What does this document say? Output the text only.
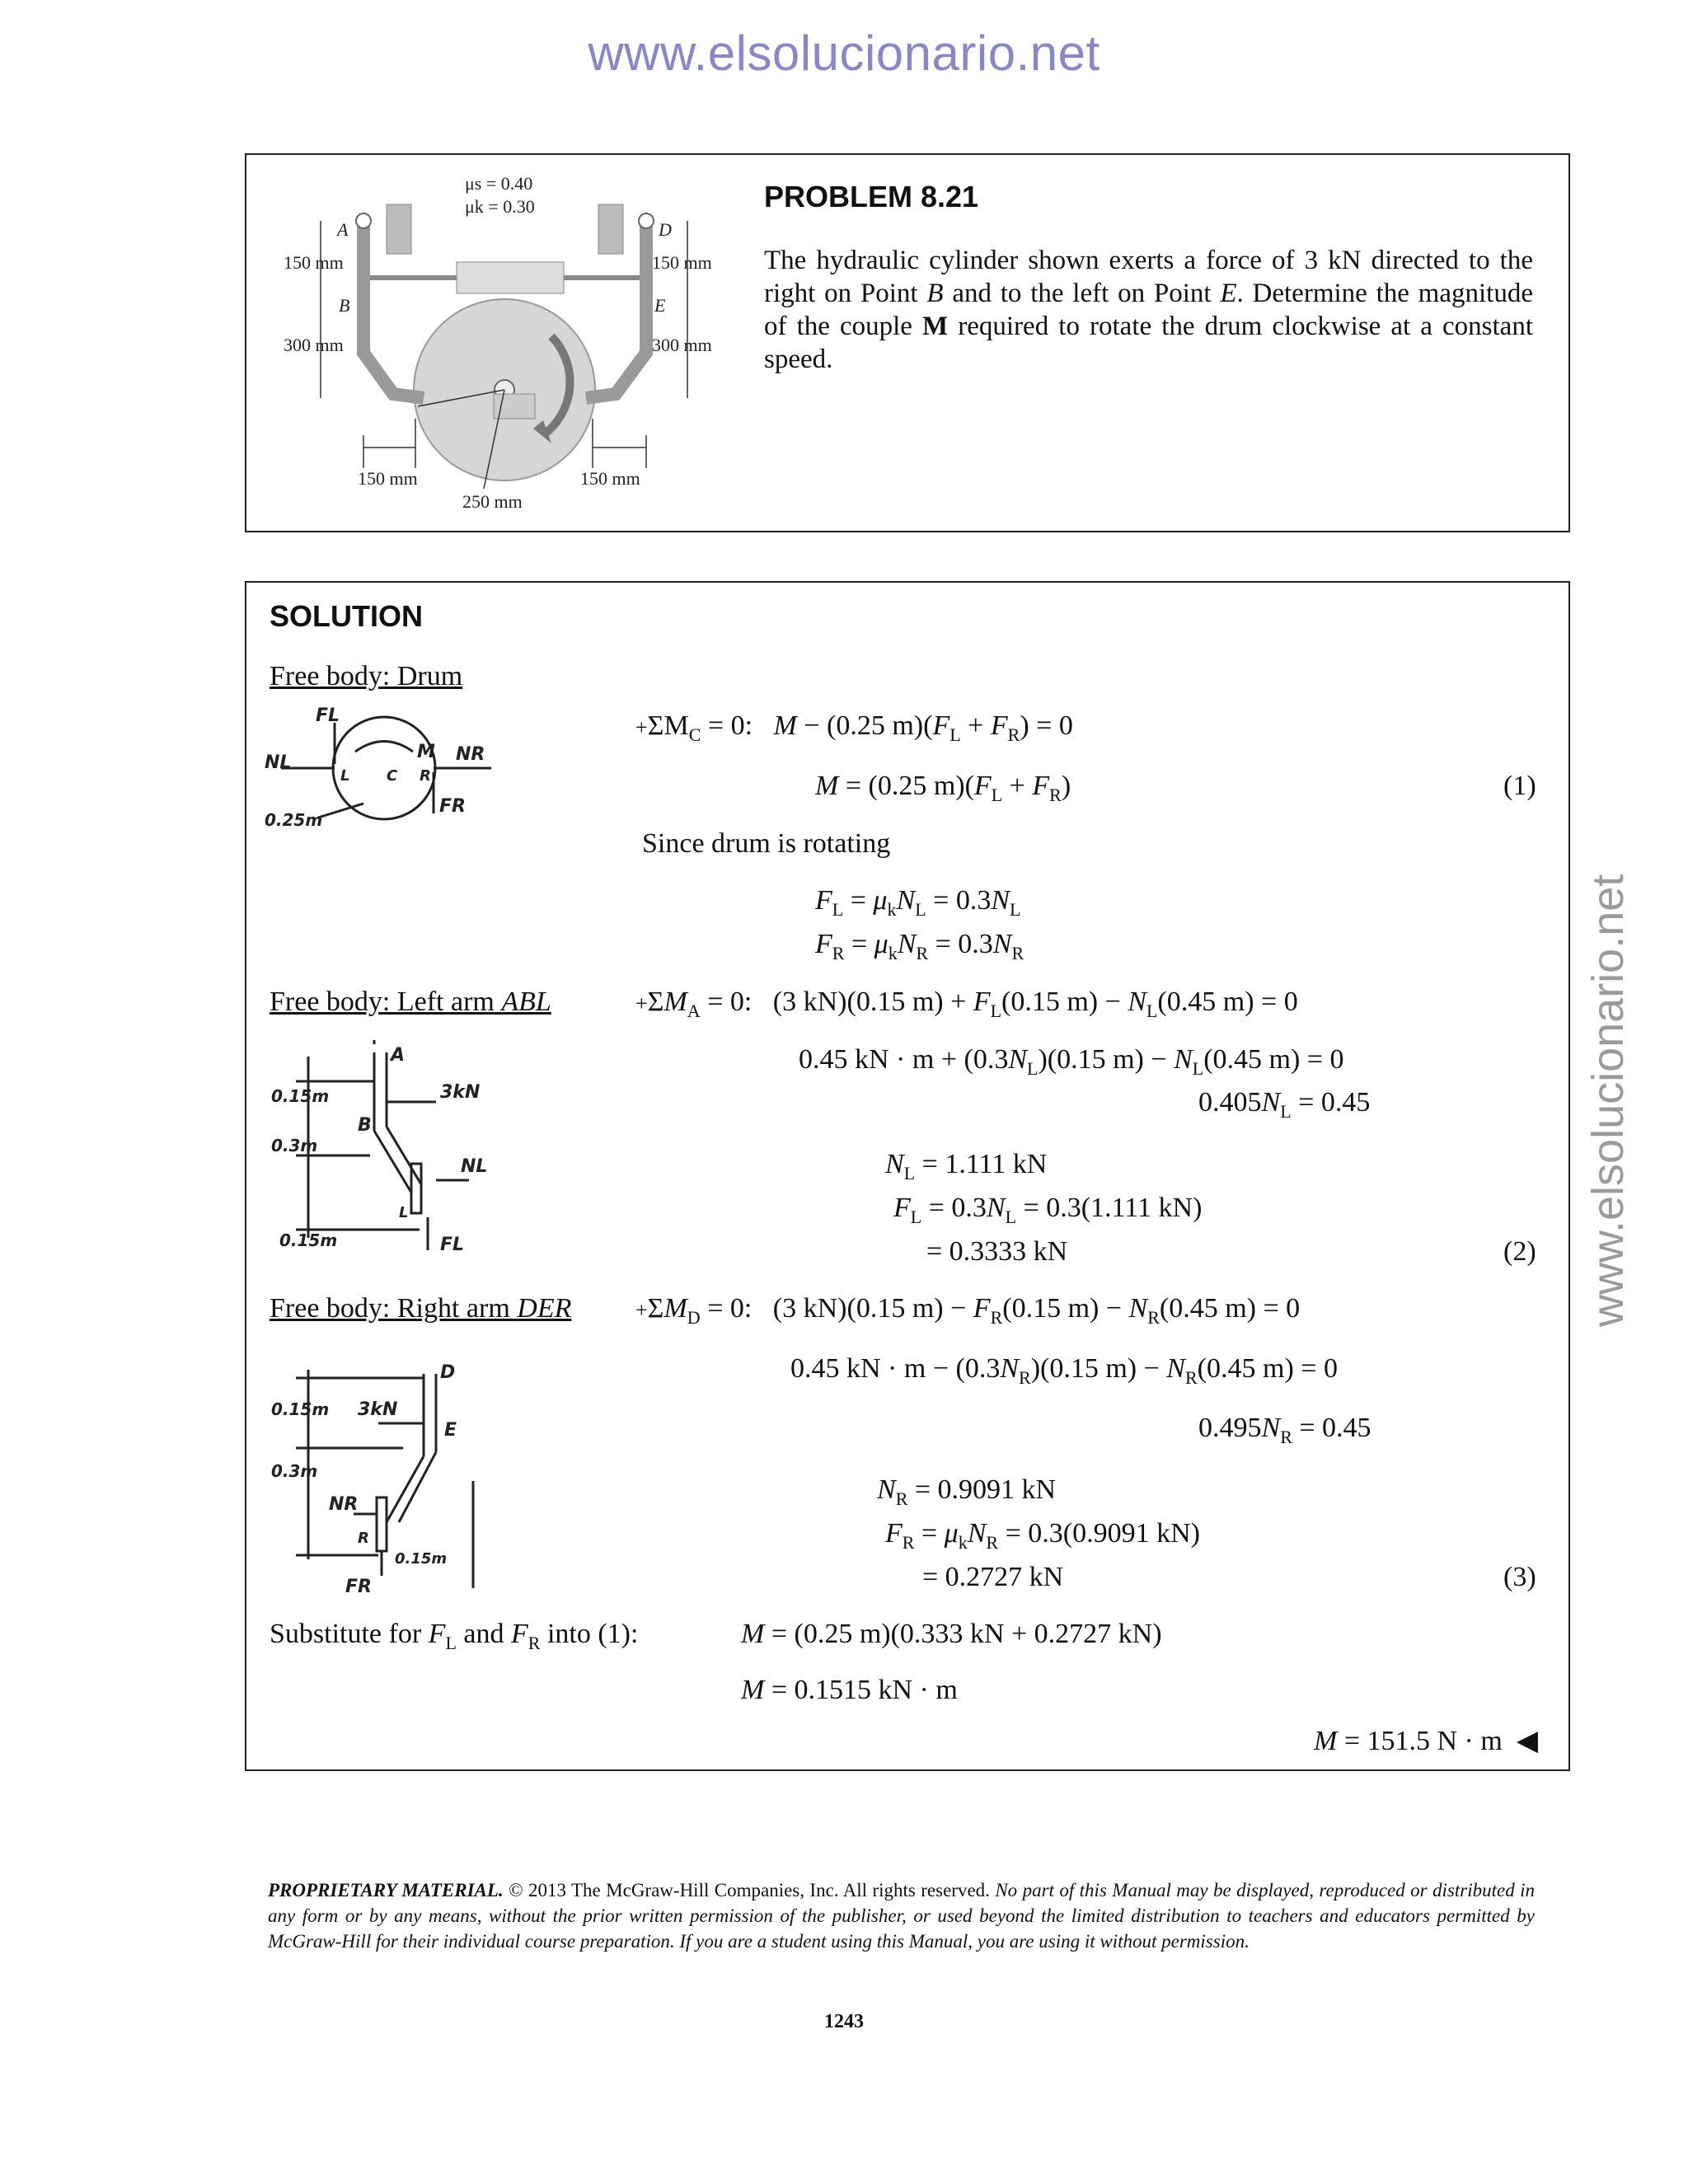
www.elsolucionario.net
www.elsolucionario.net
μs = 0.40
μk = 0.30
A
B
D
E
150 mm
300 mm
150 mm
300 mm
150 mm	150 mm
250 mm
PROBLEM 8.21
The hydraulic cylinder shown exerts a force of 3 kN directed to the right on Point B and to the left on Point E. Determine the magnitude of the couple M required to rotate the drum clockwise at a constant speed.
SOLUTION
Free body: Drum
FL
NL	NR
FR
M
L C R
0.25m
$+\Sigma M_C = 0$:   M − (0.25 $m)(F_L + F_R) = 0$
M = (0.25 $m)(F_L + F_R)$	(1)
Since drum is rotating
$F_L = \mu_kN_L = 0.3N_L$
$F_R = \mu_kN_R = 0.3N_R$
Free body: Left arm ABL	$+\Sigma M_A = 0$:   (3 kN)(0.15 $m) + F_L(0.15$ $m) - N_L(0.45$ m) = 0
0.45 kN · $m + (0.3N_L)(0.15$ $m) - N_L(0.45$ m) = 0
$0.405N_L = 0.45$
A
B
L
3kN
NL
FL
0.15m
0.3m
0.15m
$N_L = 1.111$ kN
$F_L = 0.3N_L = 0.3(1.111$ kN)
= 0.3333 kN	(2)
Free body: Right arm DER	$+\Sigma M_D = 0$:   (3 kN)(0.15 $m) - F_R(0.15$ $m) - N_R(0.45$ m) = 0
0.45 kN · $m - (0.3N_R)(0.15$ $m) - N_R(0.45$ m) = 0
$0.495N_R = 0.45$
D
E
R
3kN
NR
FR
0.15m
0.3m
0.15m
$N_R = 0.9091$ kN
$F_R = \mu_kN_R = 0.3(0.9091$ kN)
= 0.2727 kN	(3)
Substitute for $F_L$ and $F_R$ into (1):	M = (0.25 m)(0.333 kN + 0.2727 kN)
M = 0.1515 kN · m
M = 151.5 N · m  ◀
PROPRIETARY MATERIAL. © 2013 The McGraw-Hill Companies, Inc. All rights reserved. No part of this Manual may be displayed, reproduced or distributed in any form or by any means, without the prior written permission of the publisher, or used beyond the limited distribution to teachers and educators permitted by McGraw-Hill for their individual course preparation. If you are a student using this Manual, you are using it without permission.
1243
